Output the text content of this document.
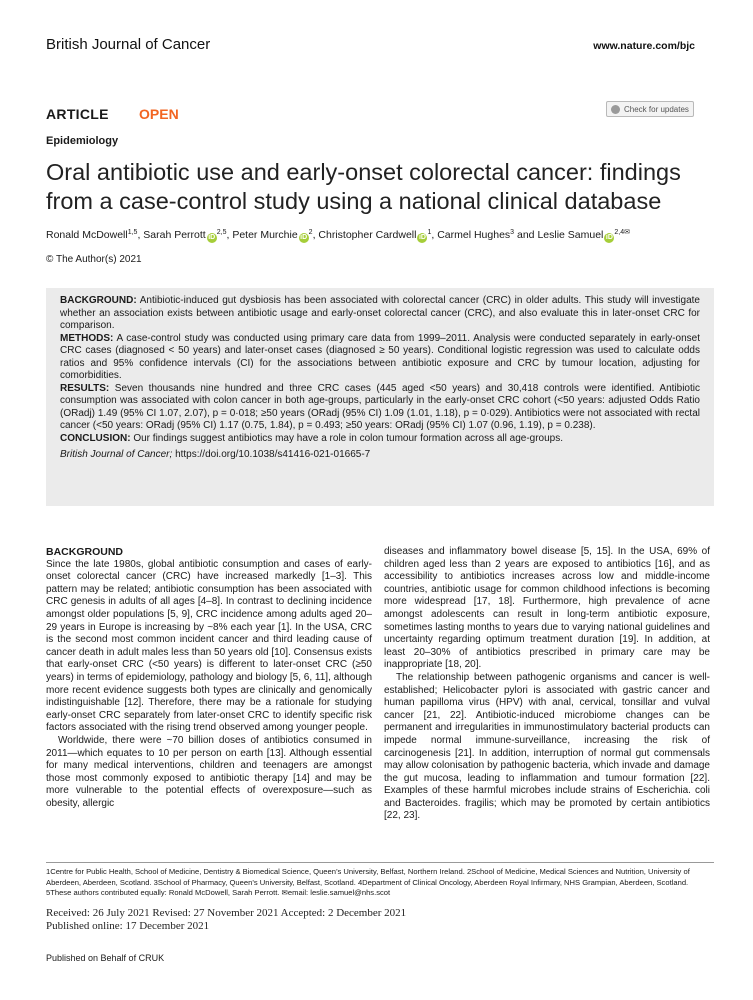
British Journal of Cancer	www.nature.com/bjc
ARTICLE OPEN	Check for updates
Epidemiology
Oral antibiotic use and early-onset colorectal cancer: findings from a case-control study using a national clinical database
Ronald McDowell$^{1,5}$, Sarah Perrott iD$^{2,5}$, Peter Murchie $iD^2$, Christopher Cardwell $iD^1$, Carmel Hughes$^3$ and Leslie Samuel $iD^{2,4✉}$
© The Author(s) 2021

BACKGROUND: Antibiotic-induced gut dysbiosis has been associated with colorectal cancer (CRC) in older adults. This study will investigate whether an association exists between antibiotic usage and early-onset colorectal cancer (CRC), and also evaluate this in later-onset CRC for comparison.

METHODS: A case-control study was conducted using primary care data from 1999–2011. Analysis were conducted separately in early-onset CRC cases (diagnosed < 50 years) and later-onset cases (diagnosed ≥ 50 years). Conditional logistic regression was used to calculate odds ratios and 95% confidence intervals (CI) for the associations between antibiotic exposure and CRC by tumour location, adjusting for comorbidities.

RESULTS: Seven thousands nine hundred and three CRC cases (445 aged <50 years) and 30,418 controls were identified. Antibiotic consumption was associated with colon cancer in both age-groups, particularly in the early-onset CRC cohort (<50 years: adjusted Odds Ratio (ORadj) 1.49 (95% CI 1.07, 2.07), p = 0·018; ≥50 years (ORadj (95% CI) 1.09 (1.01, 1.18), p = 0·029). Antibiotics were not associated with rectal cancer (<50 years: ORadj (95% CI) 1.17 (0.75, 1.84), p = 0.493; ≥50 years: ORadj (95% CI) 1.07 (0.96, 1.19), p = 0.238).

CONCLUSION: Our findings suggest antibiotics may have a role in colon tumour formation across all age-groups.

British Journal of Cancer; https://doi.org/10.1038/s41416-021-01665-7

BACKGROUND

Since the late 1980s, global antibiotic consumption and cases of early-onset colorectal cancer (CRC) have increased markedly [1–3]. This pattern may be related; antibiotic consumption has been associated with CRC genesis in adults of all ages [4–8]. In contrast to declining incidence amongst older populations [5, 9], CRC incidence among adults aged 20–29 years in Europe is increasing by ~8% each year [1]. In the USA, CRC is the second most common incident cancer and third leading cause of cancer death in adult males less than 50 years old [10]. Consensus exists that early-onset CRC (<50 years) is different to later-onset CRC (≥50 years) in terms of epidemiology, pathology and biology [5, 6, 11], although more recent evidence suggests both types are clinically and genomically indistinguishable [12]. Therefore, there may be a rationale for studying early-onset CRC separately from later-onset CRC to identify specific risk factors associated with the rising trend observed among younger people.

Worldwide, there were ~70 billion doses of antibiotics consumed in 2011—which equates to 10 per person on earth [13]. Although essential for many medical interventions, children and teenagers are amongst those most commonly exposed to antibiotic therapy [14] and may be more vulnerable to the potential effects of overexposure—such as obesity, allergic

diseases and inflammatory bowel disease [5, 15]. In the USA, 69% of children aged less than 2 years are exposed to antibiotics [16], and as accessibility to antibiotics increases across low and middle-income countries, antibiotic usage for common childhood infections is becoming more widespread [17, 18]. Furthermore, high prevalence of acne amongst adolescents can result in long-term antibiotic exposure, sometimes lasting months to years due to varying national guidelines and uncertainty regarding optimum treatment duration [19]. In addition, at least 20–30% of antibiotics prescribed in primary care may be inappropriate [18, 20].

The relationship between pathogenic organisms and cancer is well-established; Helicobacter pylori is associated with gastric cancer and human papilloma virus (HPV) with anal, cervical, tonsillar and vulval cancer [21, 22]. Antibiotic-induced microbiome changes can be permanent and irregularities in immunostimulatory bacterial products can impede normal immune-surveillance, increasing the risk of carcinogenesis [21]. In addition, interruption of normal gut commensals may allow colonisation by pathogenic bacteria, which invade and damage the gut mucosa, leading to inflammation and tumour formation [22]. Examples of these harmful microbes include strains of Escherichia. coli and Bacteroides. fragilis; which may be promoted by certain antibiotics [22, 23].

1Centre for Public Health, School of Medicine, Dentistry & Biomedical Science, Queen’s University, Belfast, Northern Ireland. 2School of Medicine, Medical Sciences and Nutrition, University of Aberdeen, Aberdeen, Scotland. 3School of Pharmacy, Queen’s University, Belfast, Scotland. 4Department of Clinical Oncology, Aberdeen Royal Infirmary, NHS Grampian, Aberdeen, Scotland. 5These authors contributed equally: Ronald McDowell, Sarah Perrott. ✉email: leslie.samuel@nhs.scot
Received: 26 July 2021 Revised: 27 November 2021 Accepted: 2 December 2021
Published online: 17 December 2021
Published on Behalf of CRUK
